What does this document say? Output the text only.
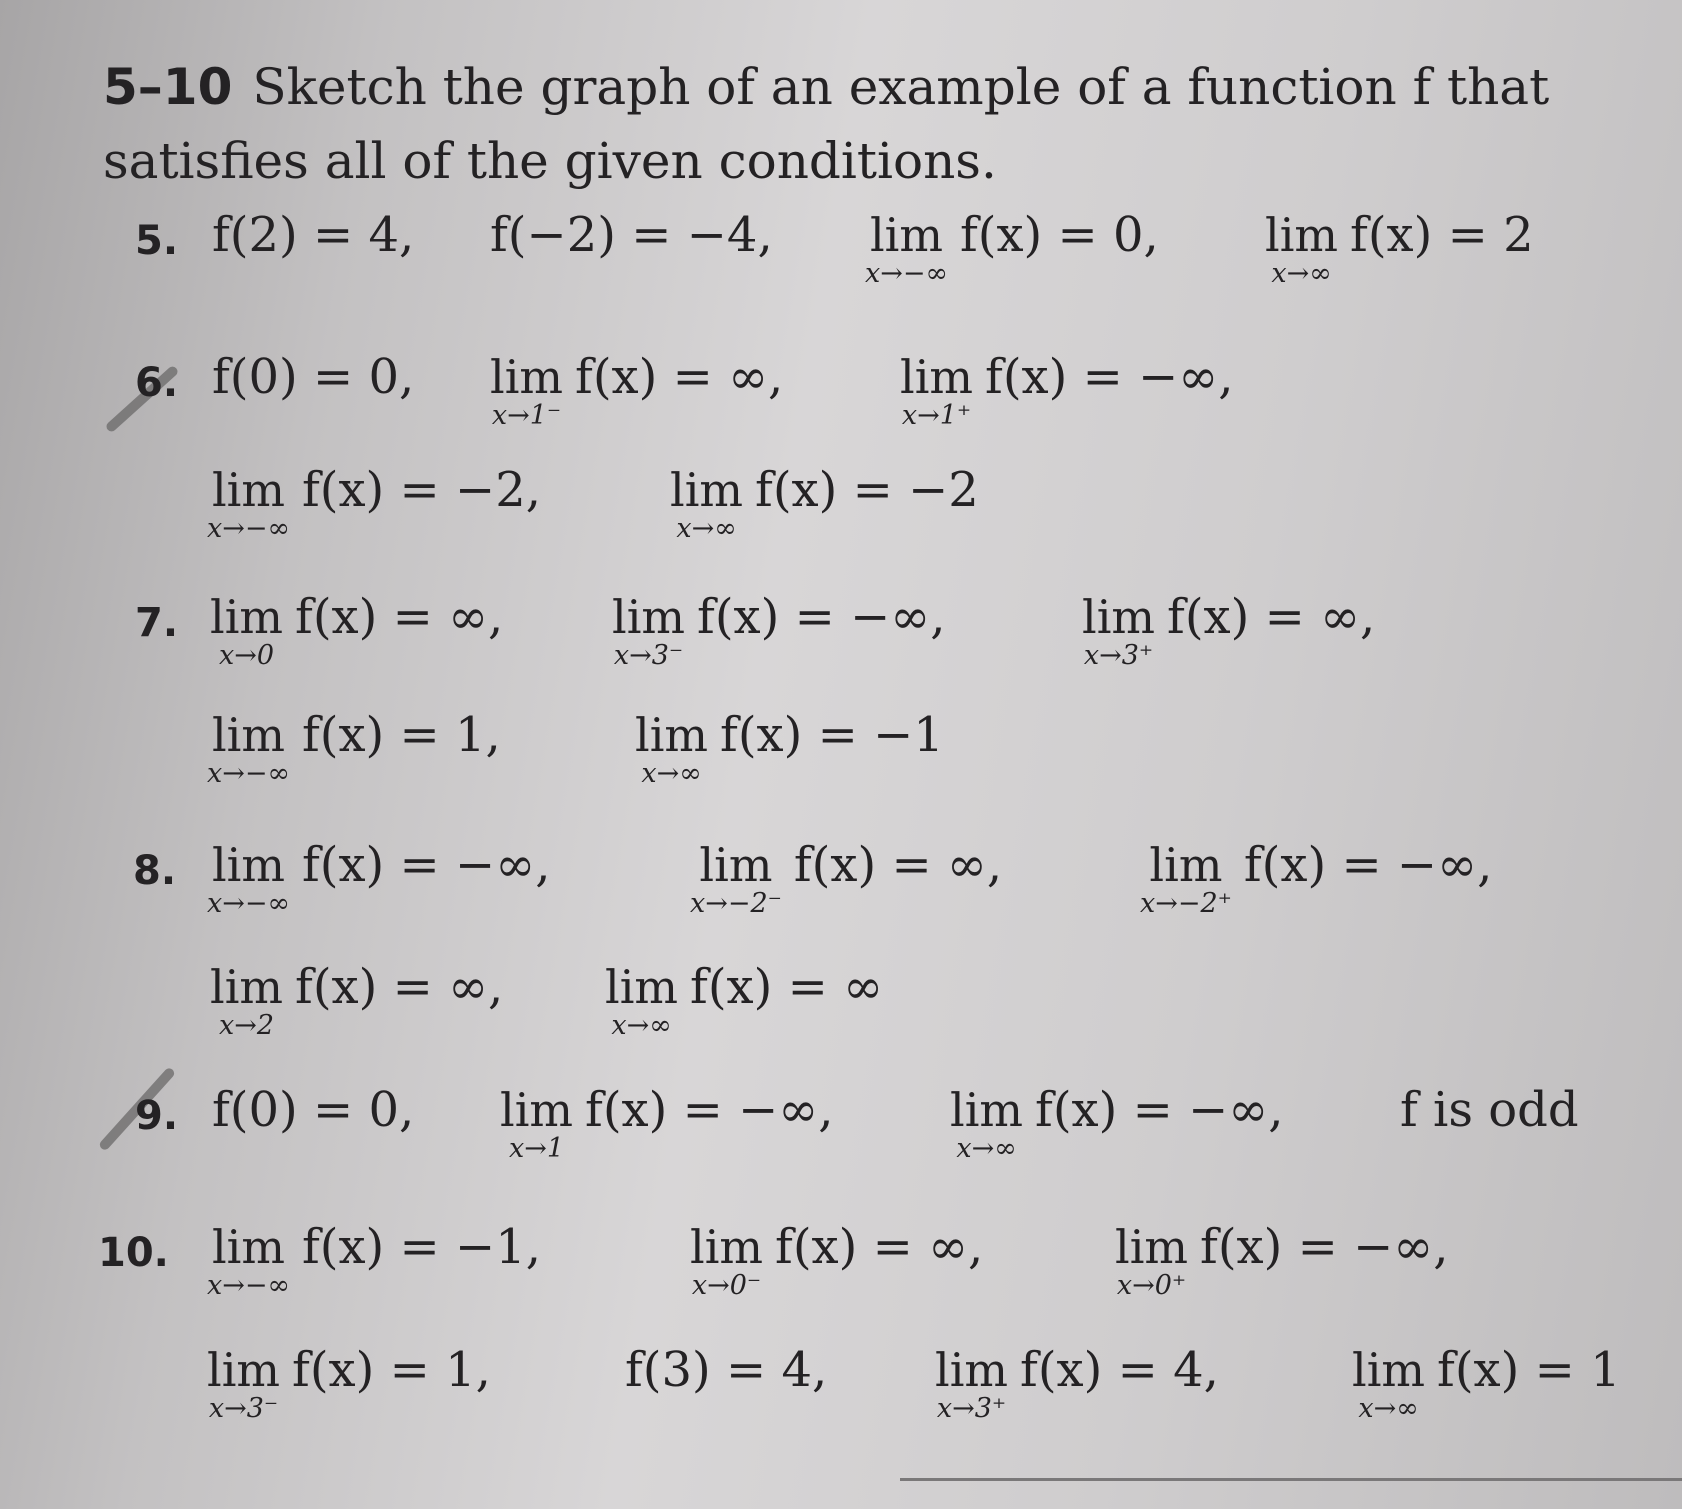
5–10 Sketch the graph of an example of a function f that satisfies all of the given conditions.
5. f(2) = 4, f(−2) = −4, lim
x→−∞
f(x) = 0, lim
x→∞
f(x) = 2
6. f(0) = 0, lim
x→1⁻
f(x) = ∞,	lim
x→1⁺
f(x) = −∞,
lim
x→−∞
f(x) = −2,	lim
x→∞
f(x) = −2
7. lim
x→0
f(x) = ∞, lim
x→3⁻
f(x) = −∞,	lim
x→3⁺
f(x) = ∞,
lim
x→−∞
f(x) = 1,	lim
x→∞
f(x) = −1
8. lim
x→−∞
f(x) = −∞,	lim
x→−2⁻
f(x) = ∞,	lim
x→−2⁺
f(x) = −∞,
lim
x→2
f(x) = ∞, lim
x→∞
f(x) = ∞
9. f(0) = 0, lim
x→1
f(x) = −∞,	lim
x→∞
f(x) = −∞, f is odd
10. lim
x→−∞
f(x) = −1,	lim
x→0⁻
f(x) = ∞,	lim
x→0⁺
f(x) = −∞,
lim
x→3⁻
f(x) = 1,	f(3) = 4, lim
x→3⁺
f(x) = 4,	lim
x→∞
f(x) = 1
